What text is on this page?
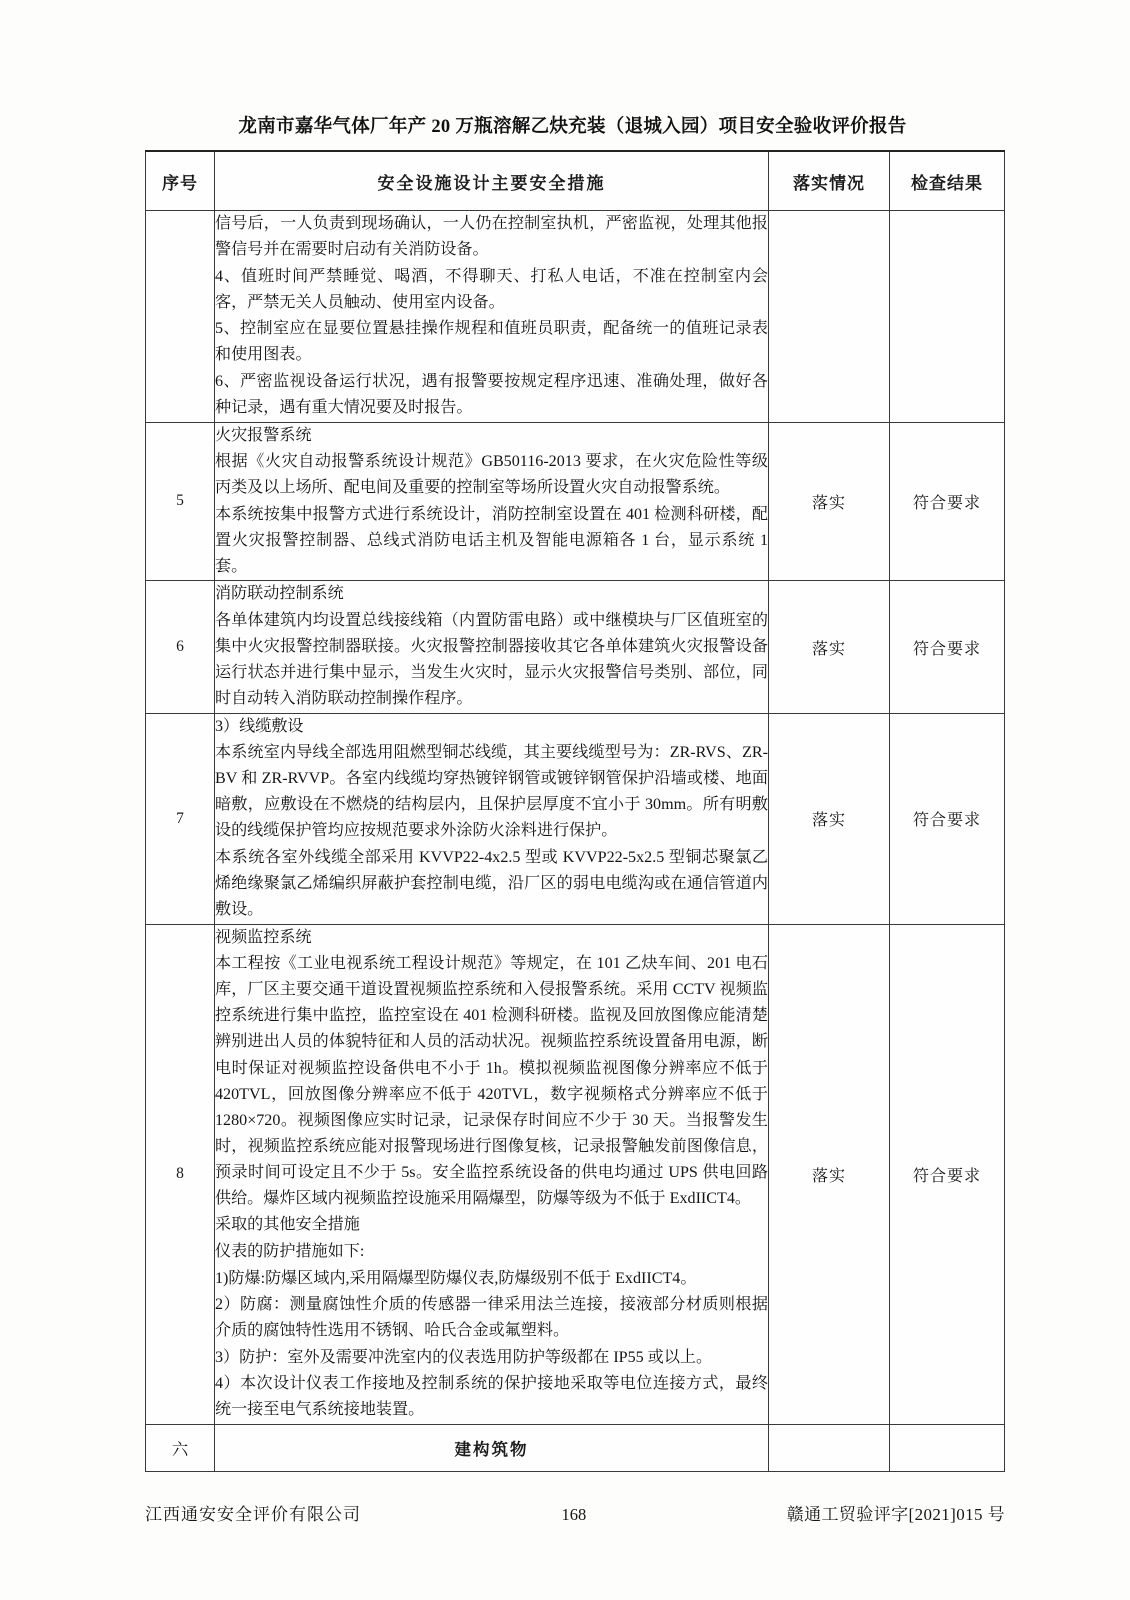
龙南市嘉华气体厂年产 20 万瓶溶解乙炔充装（退城入园）项目安全验收评价报告
序号	安全设施设计主要安全措施	落实情况	检查结果

	信号后，一人负责到现场确认，一人仍在控制室执机，严密监视，处理其他报警信号并在需要时启动有关消防设备。

4、值班时间严禁睡觉、喝酒，不得聊天、打私人电话，不准在控制室内会客，严禁无关人员触动、使用室内设备。

5、控制室应在显要位置悬挂操作规程和值班员职责，配备统一的值班记录表和使用图表。

6、严密监视设备运行状况，遇有报警要按规定程序迅速、准确处理，做好各种记录，遇有重大情况要及时报告。		

5	火灾报警系统

根据《火灾自动报警系统设计规范》GB50116-2013 要求，在火灾危险性等级丙类及以上场所、配电间及重要的控制室等场所设置火灾自动报警系统。

本系统按集中报警方式进行系统设计，消防控制室设置在 401 检测科研楼，配置火灾报警控制器、总线式消防电话主机及智能电源箱各 1 台，显示系统 1 套。	落实	符合要求
6	消防联动控制系统

各单体建筑内均设置总线接线箱（内置防雷电路）或中继模块与厂区值班室的集中火灾报警控制器联接。火灾报警控制器接收其它各单体建筑火灾报警设备运行状态并进行集中显示，当发生火灾时，显示火灾报警信号类别、部位，同时自动转入消防联动控制操作程序。	落实	符合要求
7	3）线缆敷设

本系统室内导线全部选用阻燃型铜芯线缆，其主要线缆型号为：ZR-RVS、ZR-BV 和 ZR-RVVP。各室内线缆均穿热镀锌钢管或镀锌钢管保护沿墙或楼、地面暗敷，应敷设在不燃烧的结构层内，且保护层厚度不宜小于 30mm。所有明敷设的线缆保护管均应按规范要求外涂防火涂料进行保护。

本系统各室外线缆全部采用 KVVP22-4x2.5 型或 KVVP22-5x2.5 型铜芯聚氯乙烯绝缘聚氯乙烯编织屏蔽护套控制电缆，沿厂区的弱电电缆沟或在通信管道内敷设。	落实	符合要求
8	

视频监控系统

本工程按《工业电视系统工程设计规范》等规定，在 101 乙炔车间、201 电石库，厂区主要交通干道设置视频监控系统和入侵报警系统。采用 CCTV 视频监控系统进行集中监控，监控室设在 401 检测科研楼。监视及回放图像应能清楚辨别进出人员的体貌特征和人员的活动状况。视频监控系统设置备用电源，断电时保证对视频监控设备供电不小于 1h。模拟视频监视图像分辨率应不低于 420TVL，回放图像分辨率应不低于 420TVL，数字视频格式分辨率应不低于 1280×720。视频图像应实时记录，记录保存时间应不少于 30 天。当报警发生时，视频监控系统应能对报警现场进行图像复核，记录报警触发前图像信息，预录时间可设定且不少于 5s。安全监控系统设备的供电均通过 UPS 供电回路供给。爆炸区域内视频监控设施采用隔爆型，防爆等级为不低于 ExdIICT4。

采取的其他安全措施

仪表的防护措施如下:

1)防爆:防爆区域内,采用隔爆型防爆仪表,防爆级别不低于 ExdIICT4。

2）防腐：测量腐蚀性介质的传感器一律采用法兰连接，接液部分材质则根据介质的腐蚀特性选用不锈钢、哈氏合金或氟塑料。

3）防护：室外及需要冲洗室内的仪表选用防护等级都在 IP55 或以上。

4）本次设计仪表工作接地及控制系统的保护接地采取等电位连接方式，最终统一接至电气系统接地装置。

	落实	符合要求
六	建构筑物		
江西通安安全评价有限公司	168	赣通工贸验评字[2021]015 号
